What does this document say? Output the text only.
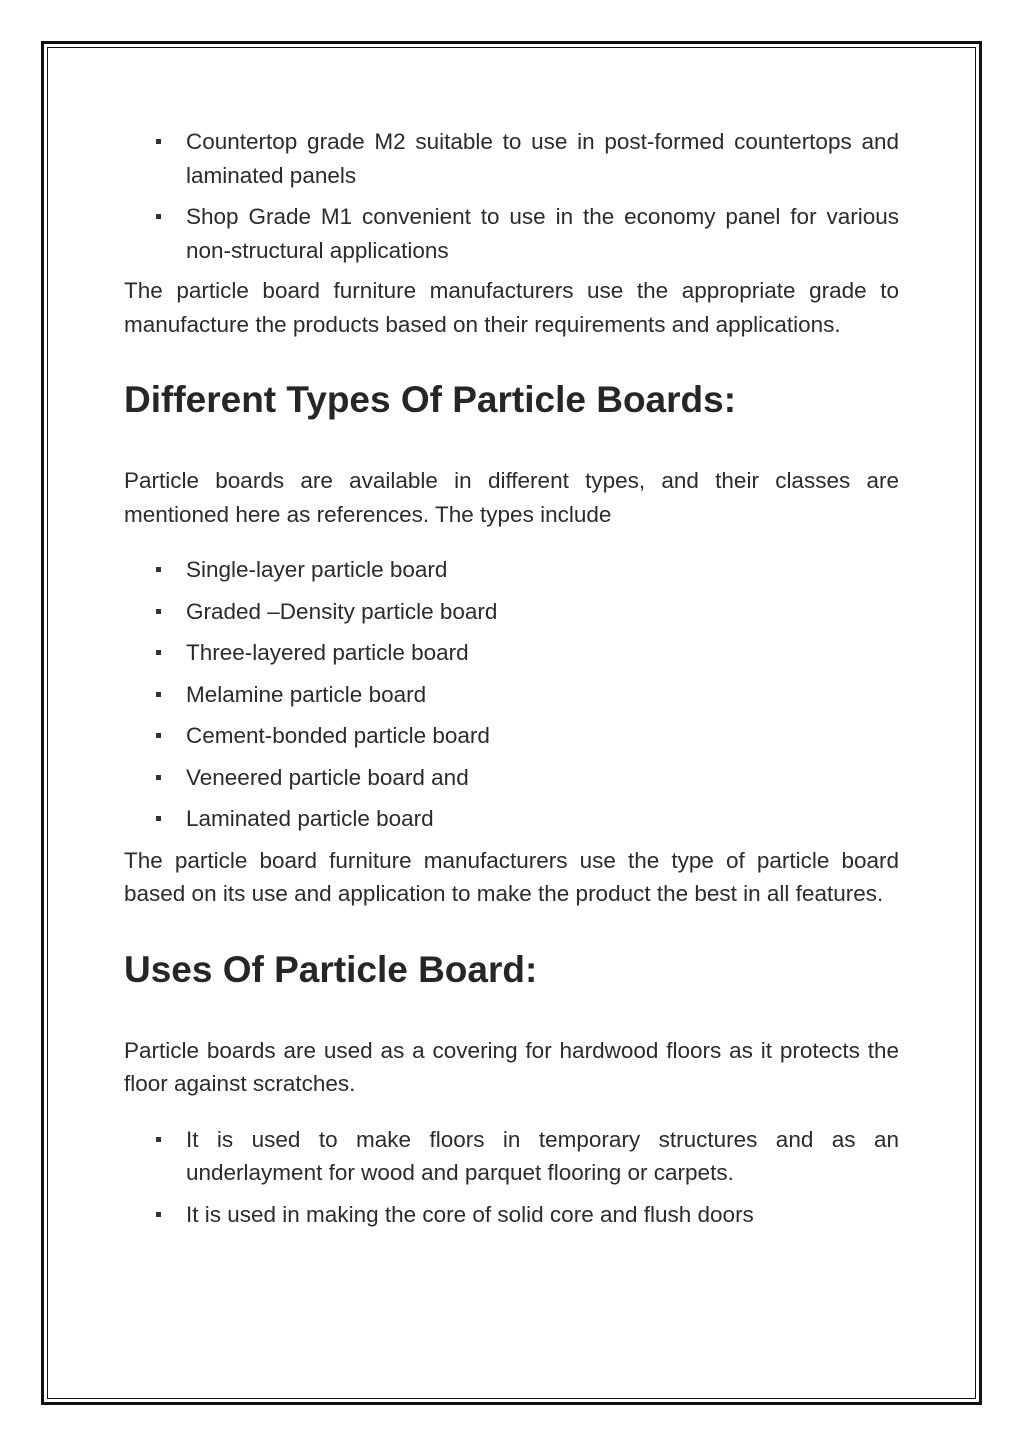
Countertop grade M2 suitable to use in post-formed countertops and laminated panels
Shop Grade M1 convenient to use in the economy panel for various non-structural applications

The particle board furniture manufacturers use the appropriate grade to manufacture the products based on their requirements and applications.

Different Types Of Particle Boards:

Particle boards are available in different types, and their classes are mentioned here as references. The types include

Single-layer particle board
Graded –Density particle board
Three-layered particle board
Melamine particle board
Cement-bonded particle board
Veneered particle board and
Laminated particle board

The particle board furniture manufacturers use the type of particle board based on its use and application to make the product the best in all features.

Uses Of Particle Board:

Particle boards are used as a covering for hardwood floors as it protects the floor against scratches.

It is used to make floors in temporary structures and as an underlayment for wood and parquet flooring or carpets.
It is used in making the core of solid core and flush doors
